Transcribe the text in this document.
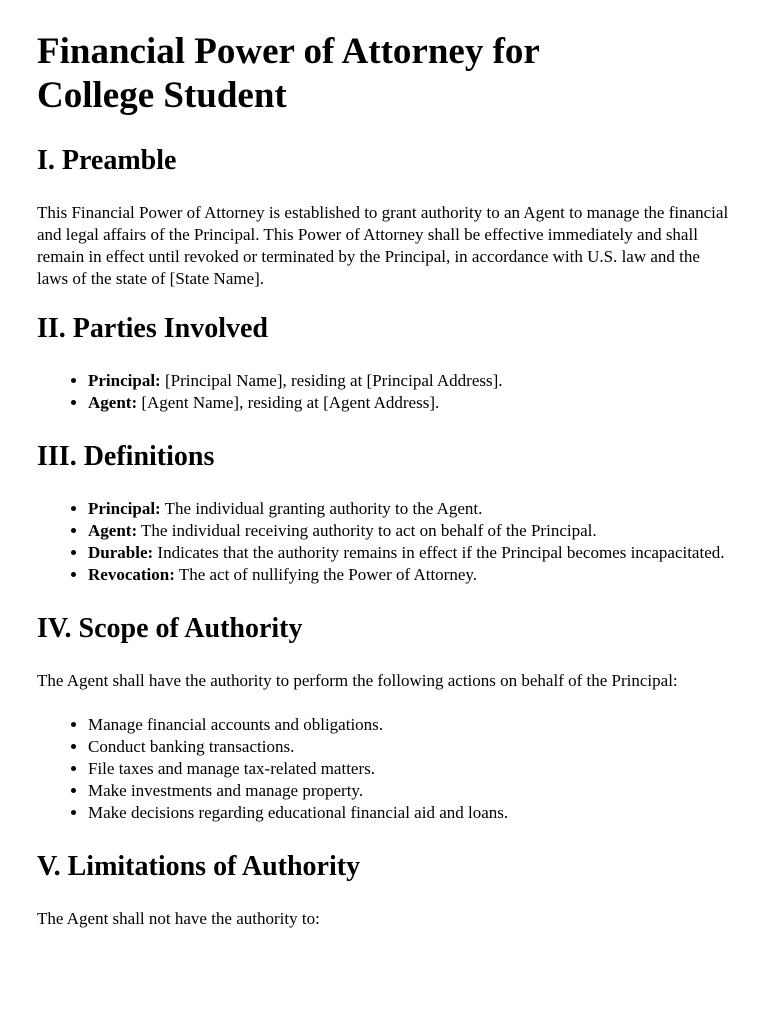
Financial Power of Attorney for College Student
I. Preamble

This Financial Power of Attorney is established to grant authority to an Agent to manage the financial and legal affairs of the Principal. This Power of Attorney shall be effective immediately and shall remain in effect until revoked or terminated by the Principal, in accordance with U.S. law and the laws of the state of [State Name].

II. Parties Involved
• Principal: [Principal Name], residing at [Principal Address].
• Agent: [Agent Name], residing at [Agent Address].
III. Definitions
• Principal: The individual granting authority to the Agent.
• Agent: The individual receiving authority to act on behalf of the Principal.
• Durable: Indicates that the authority remains in effect if the Principal becomes incapacitated.
• Revocation: The act of nullifying the Power of Attorney.
IV. Scope of Authority

The Agent shall have the authority to perform the following actions on behalf of the Principal:

• Manage financial accounts and obligations.
• Conduct banking transactions.
• File taxes and manage tax-related matters.
• Make investments and manage property.
• Make decisions regarding educational financial aid and loans.
V. Limitations of Authority

The Agent shall not have the authority to:
